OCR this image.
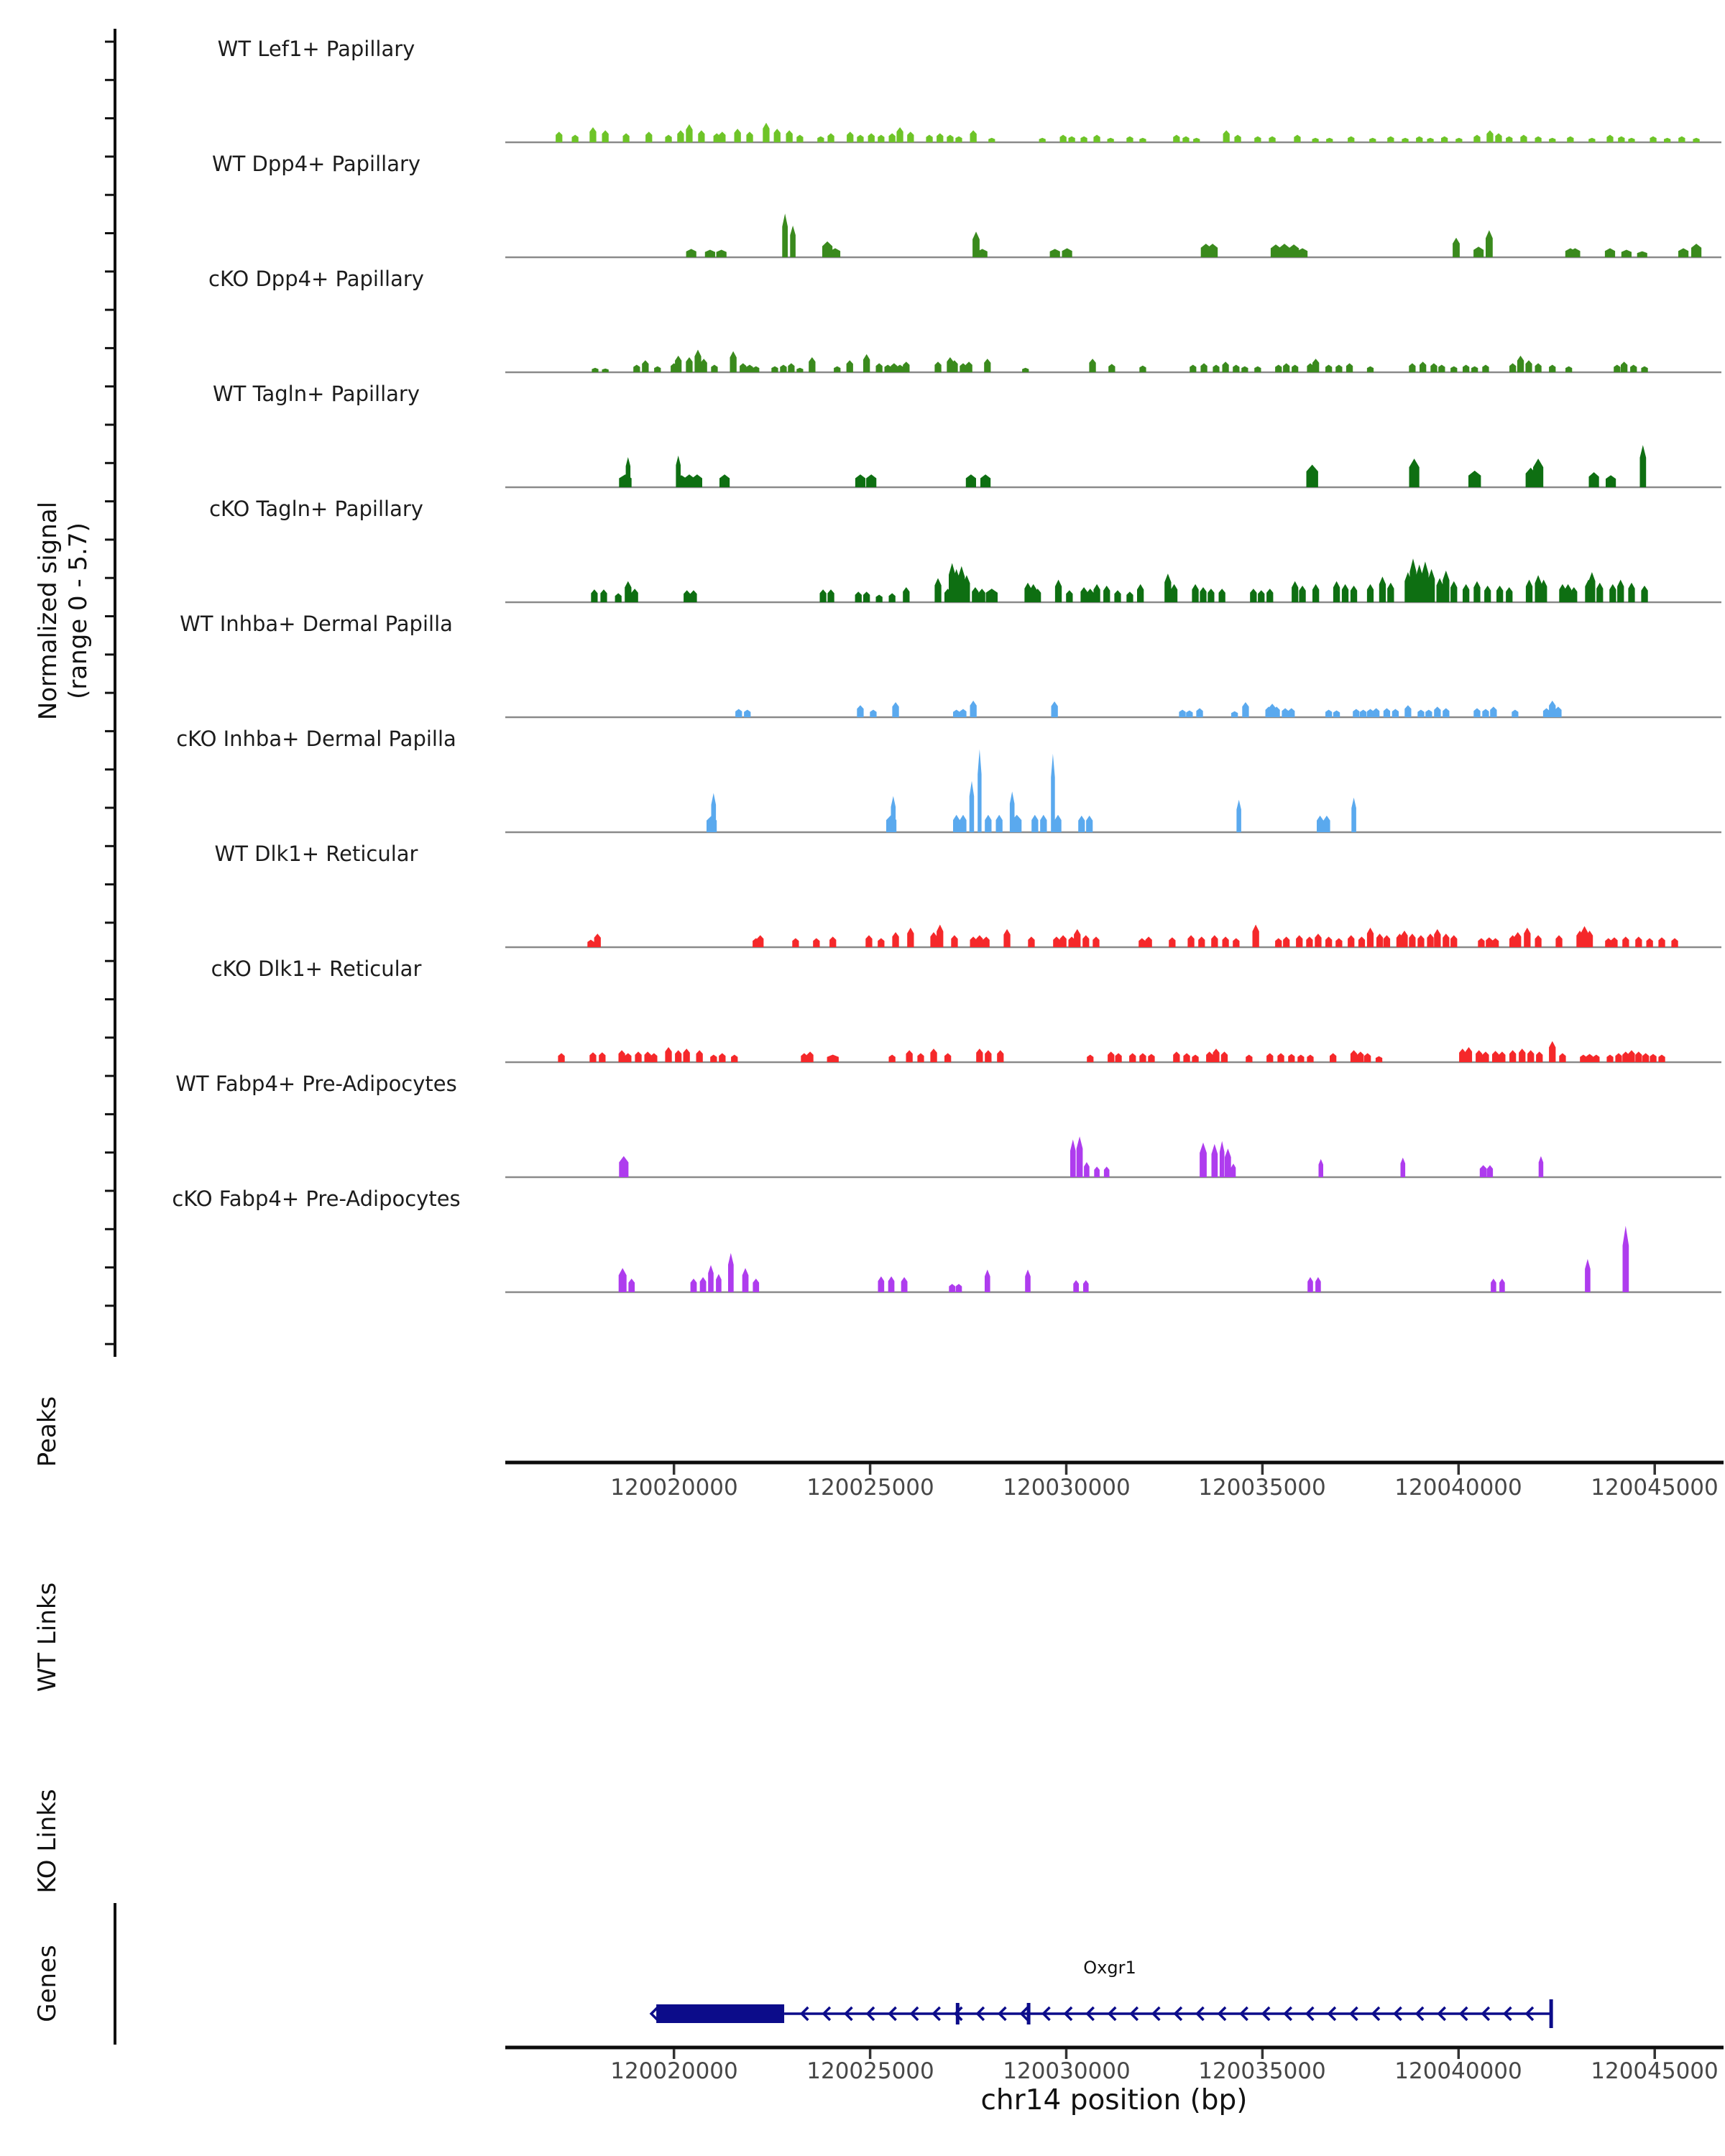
Normalized signal (range 0 - 5.7)
Peaks
WT Links
KO Links
Genes
WT Lef1+ Papillary
WT Dpp4+ Papillary
cKO Dpp4+ Papillary
WT Tagln+ Papillary
cKO Tagln+ Papillary
WT Inhba+ Dermal Papilla
cKO Inhba+ Dermal Papilla
WT Dlk1+ Reticular
cKO Dlk1+ Reticular
WT Fabp4+ Pre-Adipocytes
cKO Fabp4+ Pre-Adipocytes
120020000	120025000	120030000	120035000	120040000	120045000
120020000	120025000	120030000	120035000	120040000	120045000
Oxgr1
chr14 position (bp)
